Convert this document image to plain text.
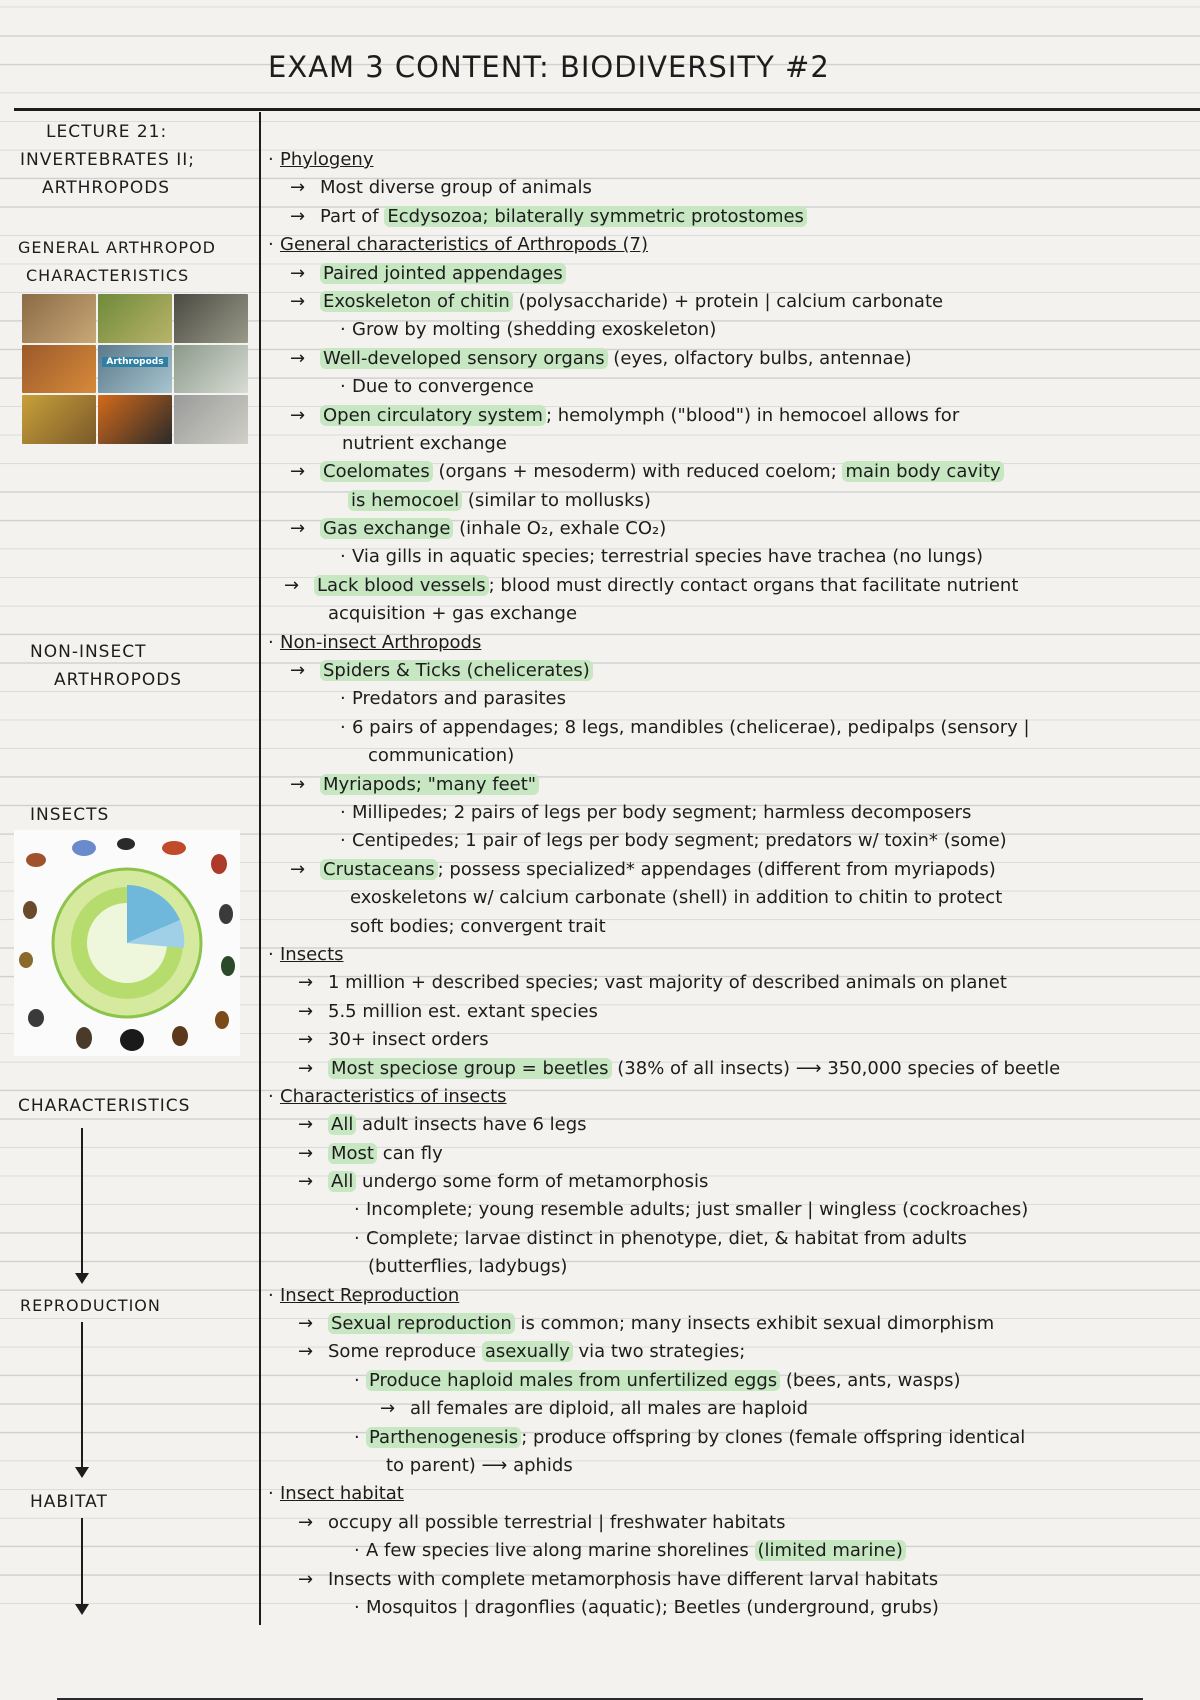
EXAM 3 CONTENT: BIODIVERSITY #2
LECTURE 21:
INVERTEBRATES II;
ARTHROPODS
GENERAL ARTHROPOD
CHARACTERISTICS
Arthropods
NON-INSECT
ARTHROPODS
INSECTS
CHARACTERISTICS
REPRODUCTION
HABITAT
· Phylogeny
→ Most diverse group of animals
→ Part of Ecdysozoa; bilaterally symmetric protostomes
· General characteristics of Arthropods (7)
→ Paired jointed appendages
→ Exoskeleton of chitin (polysaccharide) + protein | calcium carbonate
· Grow by molting (shedding exoskeleton)
→ Well-developed sensory organs (eyes, olfactory bulbs, antennae)
· Due to convergence
→ Open circulatory system ; hemolymph ("blood") in hemocoel allows for
nutrient exchange
→ Coelomates (organs + mesoderm) with reduced coelom; main body cavity
is hemocoel (similar to mollusks)
→ Gas exchange (inhale O₂, exhale CO₂)
· Via gills in aquatic species; terrestrial species have trachea (no lungs)
→ Lack blood vessels ; blood must directly contact organs that facilitate nutrient
acquisition + gas exchange
· Non-insect Arthropods
→ Spiders & Ticks (chelicerates)
· Predators and parasites
· 6 pairs of appendages; 8 legs, mandibles (chelicerae), pedipalps (sensory |
communication)
→ Myriapods; "many feet"
· Millipedes; 2 pairs of legs per body segment; harmless decomposers
· Centipedes; 1 pair of legs per body segment; predators w/ toxin* (some)
→ Crustaceans ; possess specialized* appendages (different from myriapods)
exoskeletons w/ calcium carbonate (shell) in addition to chitin to protect
soft bodies; convergent trait
· Insects
→ 1 million + described species; vast majority of described animals on planet
→ 5.5 million est. extant species
→ 30+ insect orders
→ Most speciose group = beetles (38% of all insects) ⟶ 350,000 species of beetle
· Characteristics of insects
→ All adult insects have 6 legs
→ Most can fly
→ All undergo some form of metamorphosis
· Incomplete; young resemble adults; just smaller | wingless (cockroaches)
· Complete; larvae distinct in phenotype, diet, & habitat from adults
(butterflies, ladybugs)
· Insect Reproduction
→ Sexual reproduction is common; many insects exhibit sexual dimorphism
→ Some reproduce asexually via two strategies;
· Produce haploid males from unfertilized eggs (bees, ants, wasps)
→ all females are diploid, all males are haploid
· Parthenogenesis ; produce offspring by clones (female offspring identical
to parent) ⟶ aphids
· Insect habitat
→ occupy all possible terrestrial | freshwater habitats
· A few species live along marine shorelines (limited marine)
→ Insects with complete metamorphosis have different larval habitats
· Mosquitos | dragonflies (aquatic); Beetles (underground, grubs)
